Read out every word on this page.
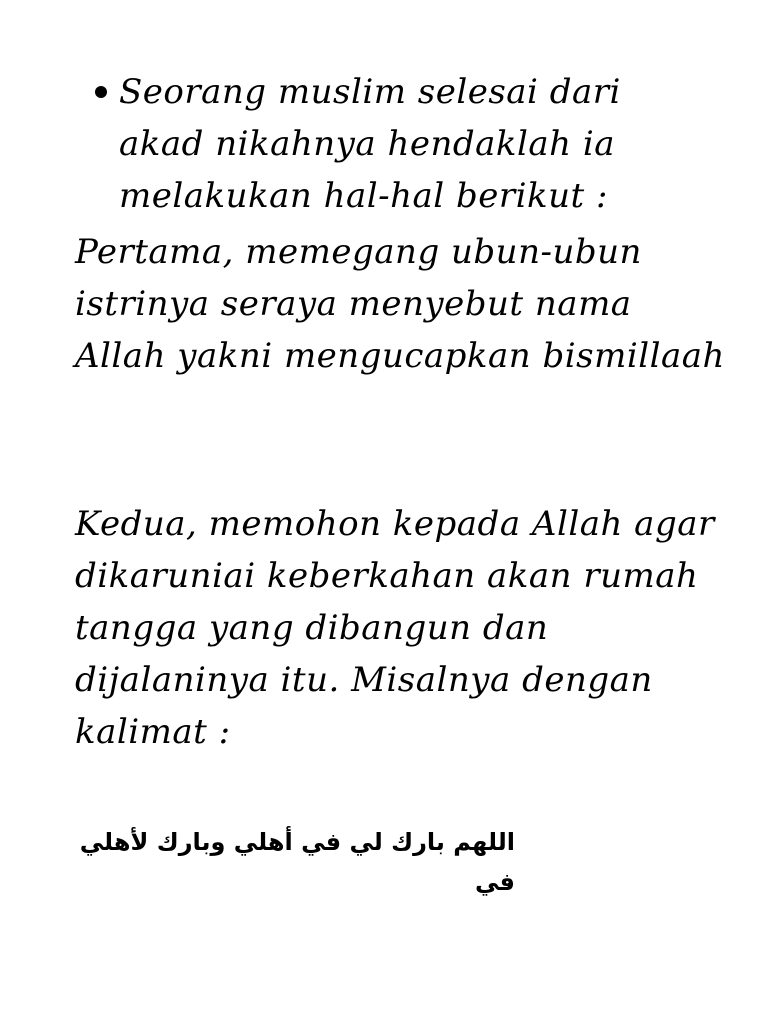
Seorang muslim selesai dari akad nikahnya hendaklah ia melakukan hal-hal berikut :

Pertama, memegang ubun-ubun istrinya seraya menyebut nama Allah yakni mengucapkan bismillaah

Kedua, memohon kepada Allah agar dikaruniai keberkahan akan rumah tangga yang dibangun dan dijalaninya itu. Misalnya dengan kalimat :

اللهم بارك لي في أهلي وبارك لأهلي في
